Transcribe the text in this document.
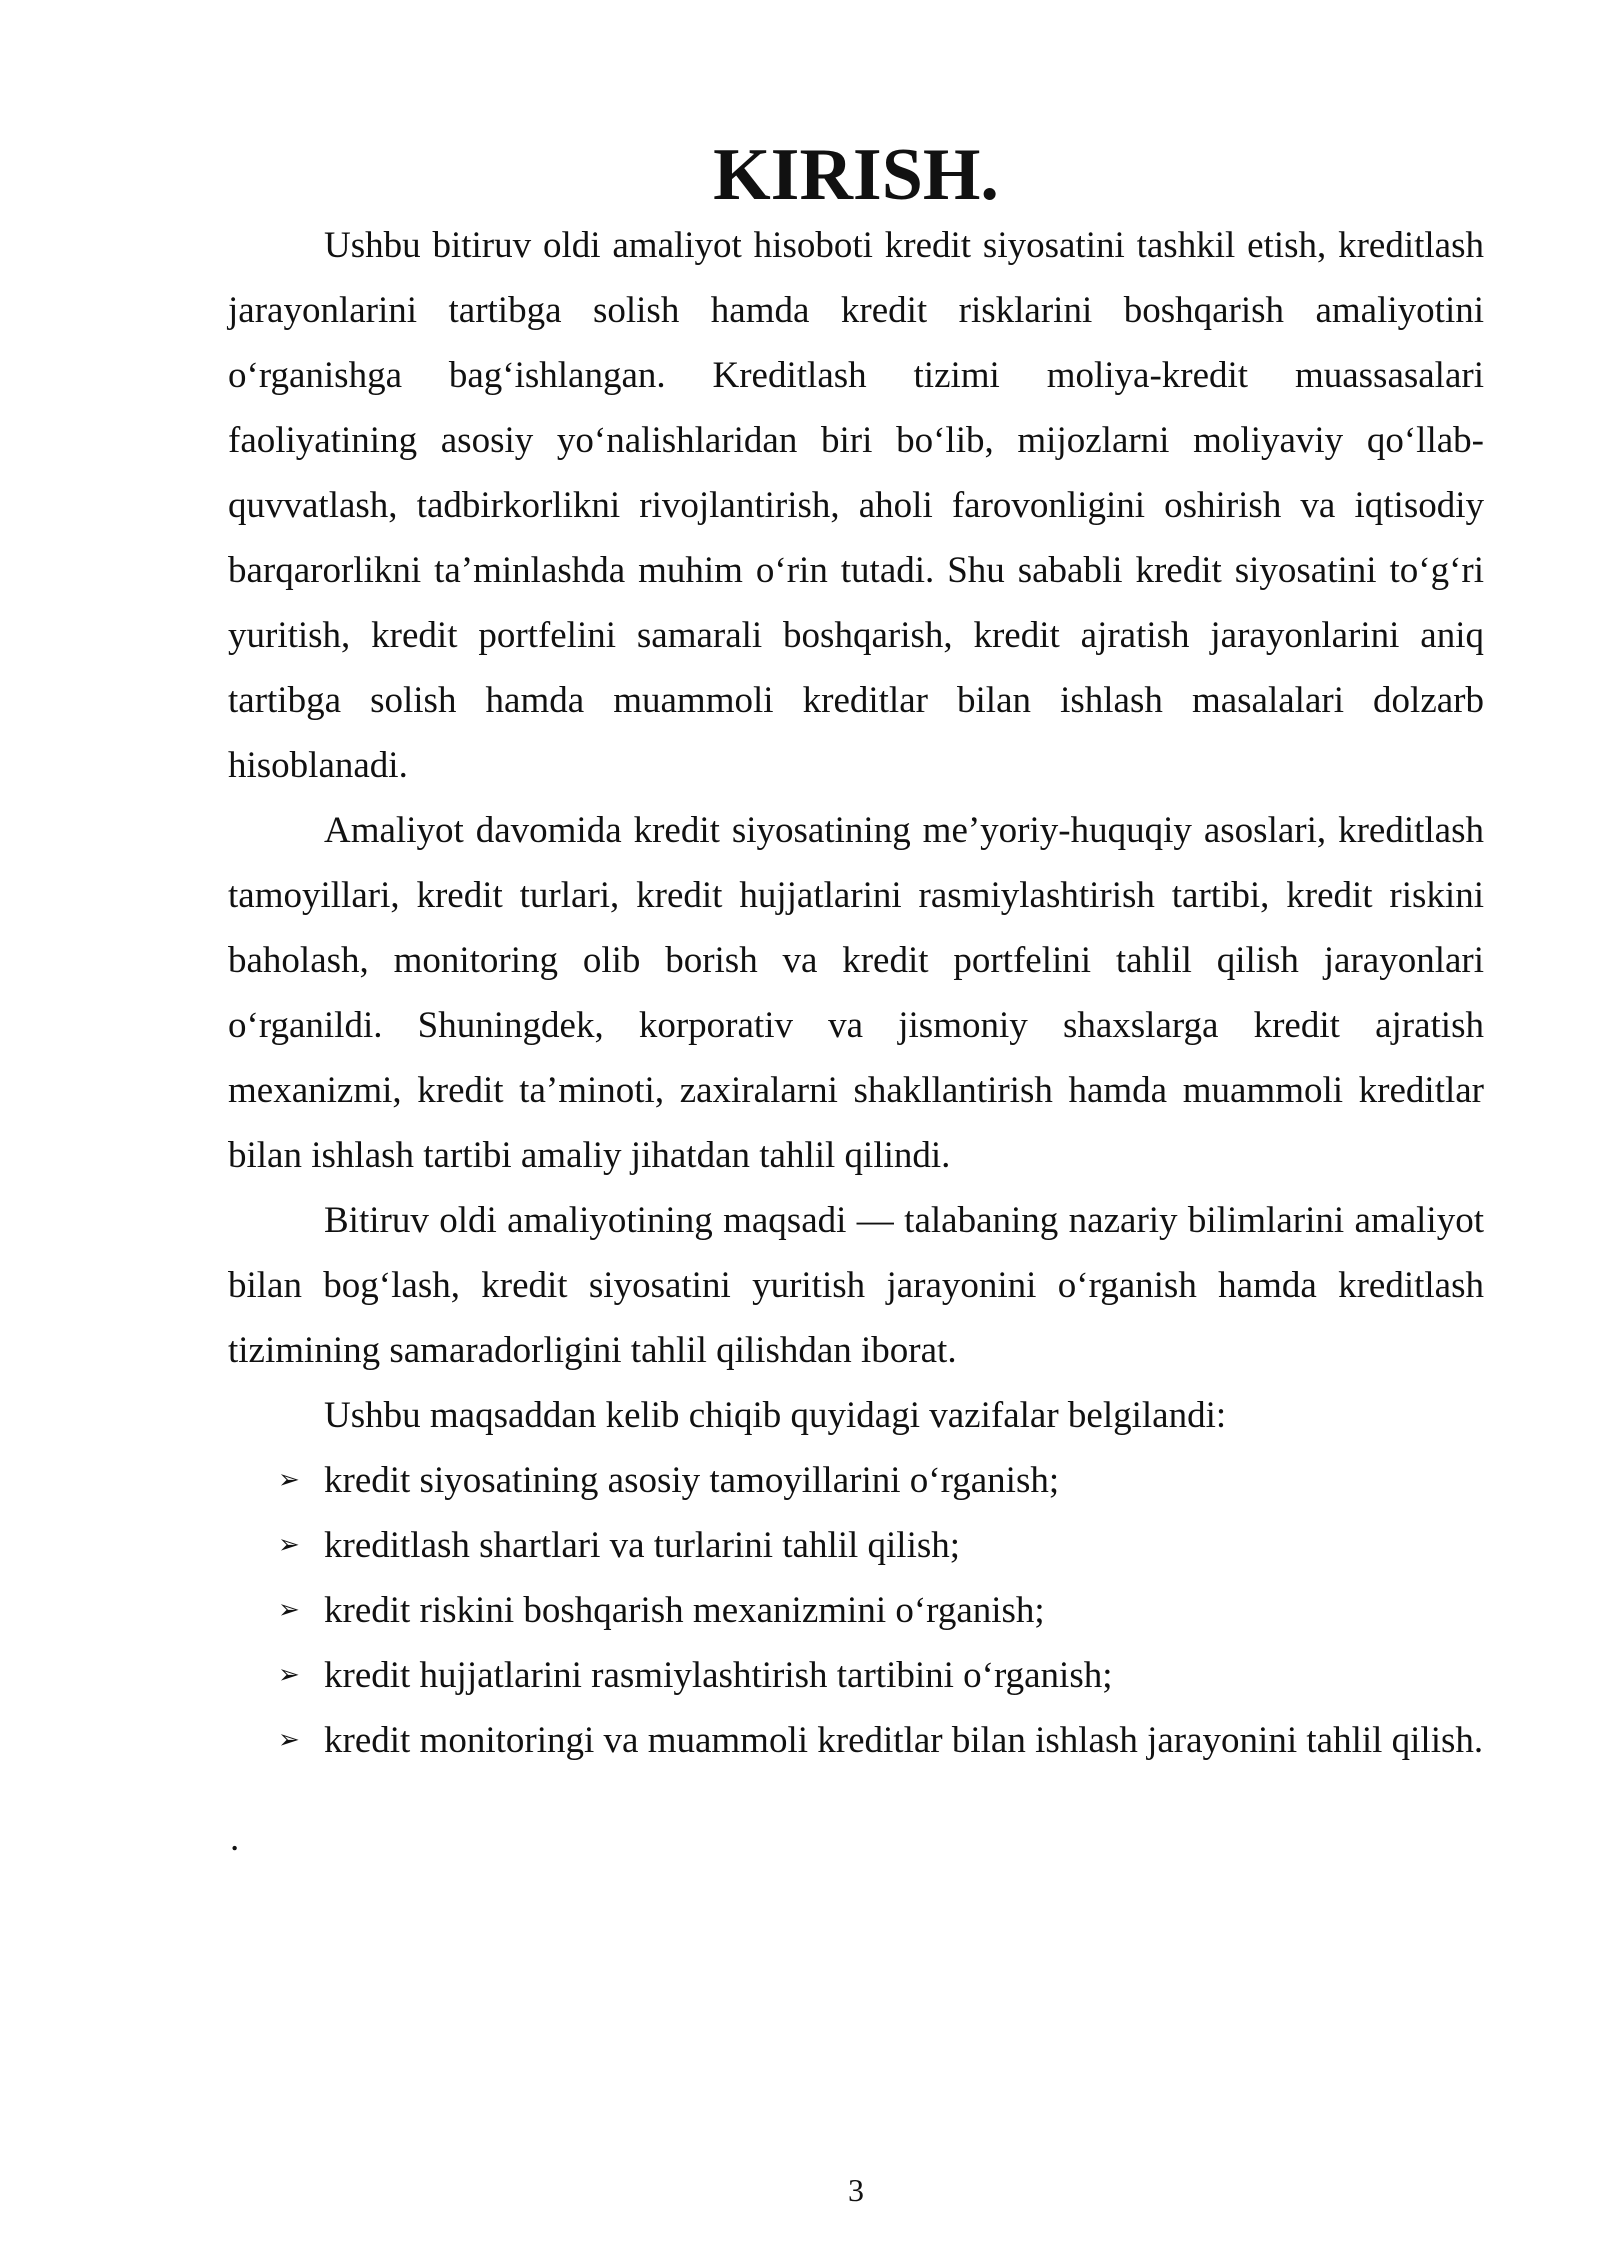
KIRISH.

Ushbu bitiruv oldi amaliyot hisoboti kredit siyosatini tashkil etish, kreditlash jarayonlarini tartibga solish hamda kredit risklarini boshqarish amaliyotini o‘rganishga bag‘ishlangan. Kreditlash tizimi moliya-kredit muassasalari faoliyatining asosiy yo‘nalishlaridan biri bo‘lib, mijozlarni moliyaviy qo‘llab-quvvatlash, tadbirkorlikni rivojlantirish, aholi farovonligini oshirish va iqtisodiy barqarorlikni ta’minlashda muhim o‘rin tutadi. Shu sababli kredit siyosatini to‘g‘ri yuritish, kredit portfelini samarali boshqarish, kredit ajratish jarayonlarini aniq tartibga solish hamda muammoli kreditlar bilan ishlash masalalari dolzarb hisoblanadi.

Amaliyot davomida kredit siyosatining me’yoriy-huquqiy asoslari, kreditlash tamoyillari, kredit turlari, kredit hujjatlarini rasmiylashtirish tartibi, kredit riskini baholash, monitoring olib borish va kredit portfelini tahlil qilish jarayonlari o‘rganildi. Shuningdek, korporativ va jismoniy shaxslarga kredit ajratish mexanizmi, kredit ta’minoti, zaxiralarni shakllantirish hamda muammoli kreditlar bilan ishlash tartibi amaliy jihatdan tahlil qilindi.

Bitiruv oldi amaliyotining maqsadi — talabaning nazariy bilimlarini amaliyot bilan bog‘lash, kredit siyosatini yuritish jarayonini o‘rganish hamda kreditlash tizimining samaradorligini tahlil qilishdan iborat.

Ushbu maqsaddan kelib chiqib quyidagi vazifalar belgilandi:

➢ kredit siyosatining asosiy tamoyillarini o‘rganish;
➢ kreditlash shartlari va turlarini tahlil qilish;
➢ kredit riskini boshqarish mexanizmini o‘rganish;
➢ kredit hujjatlarini rasmiylashtirish tartibini o‘rganish;
➢ kredit monitoringi va muammoli kreditlar bilan ishlash jarayonini tahlil qilish.
.
3
